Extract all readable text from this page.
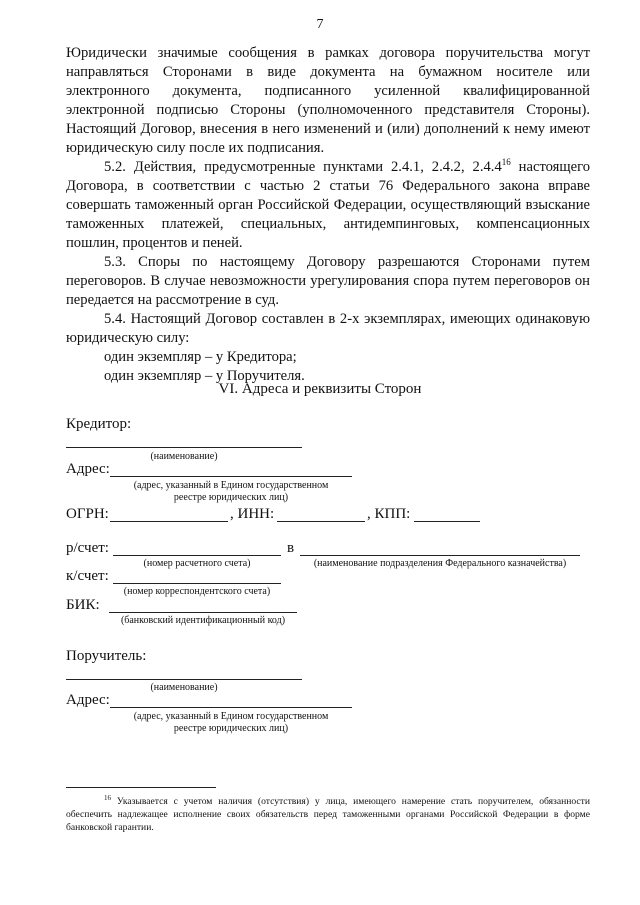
7

Юридически значимые сообщения в рамках договора поручительства могут направляться Сторонами в виде документа на бумажном носителе или электронного документа, подписанного усиленной квалифицированной электронной подписью Стороны (уполномоченного представителя Стороны). Настоящий Договор, внесения в него изменений и (или) дополнений к нему имеют юридическую силу после их подписания.

5.2. Действия, предусмотренные пунктами 2.4.1, 2.4.2, 2.4.4$^{16}$ настоящего Договора, в соответствии с частью 2 статьи 76 Федерального закона вправе совершать таможенный орган Российской Федерации, осуществляющий взыскание таможенных платежей, специальных, антидемпинговых, компенсационных пошлин, процентов и пеней.

5.3. Споры по настоящему Договору разрешаются Сторонами путем переговоров. В случае невозможности урегулирования спора путем переговоров он передается на рассмотрение в суд.

5.4. Настоящий Договор составлен в 2-х экземплярах, имеющих одинаковую юридическую силу:

один экземпляр – у Кредитора;

один экземпляр – у Поручителя.

VI. Адреса и реквизиты Сторон
Кредитор:
(наименование)
Адрес:
(адрес, указанный в Едином государственном
реестре юридических лиц)
ОГРН:	, ИНН:	, КПП:
р/счет:
(номер расчетного счета)
в
(наименование подразделения Федерального казначейства)
к/счет:
(номер корреспондентского счета)
БИК:
(банковский идентификационный код)
Поручитель:
(наименование)
Адрес:
(адрес, указанный в Едином государственном
реестре юридических лиц)
$^{16}$ Указывается с учетом наличия (отсутствия) у лица, имеющего намерение стать поручителем, обязанности обеспечить надлежащее исполнение своих обязательств перед таможенными органами Российской Федерации в форме банковской гарантии.
